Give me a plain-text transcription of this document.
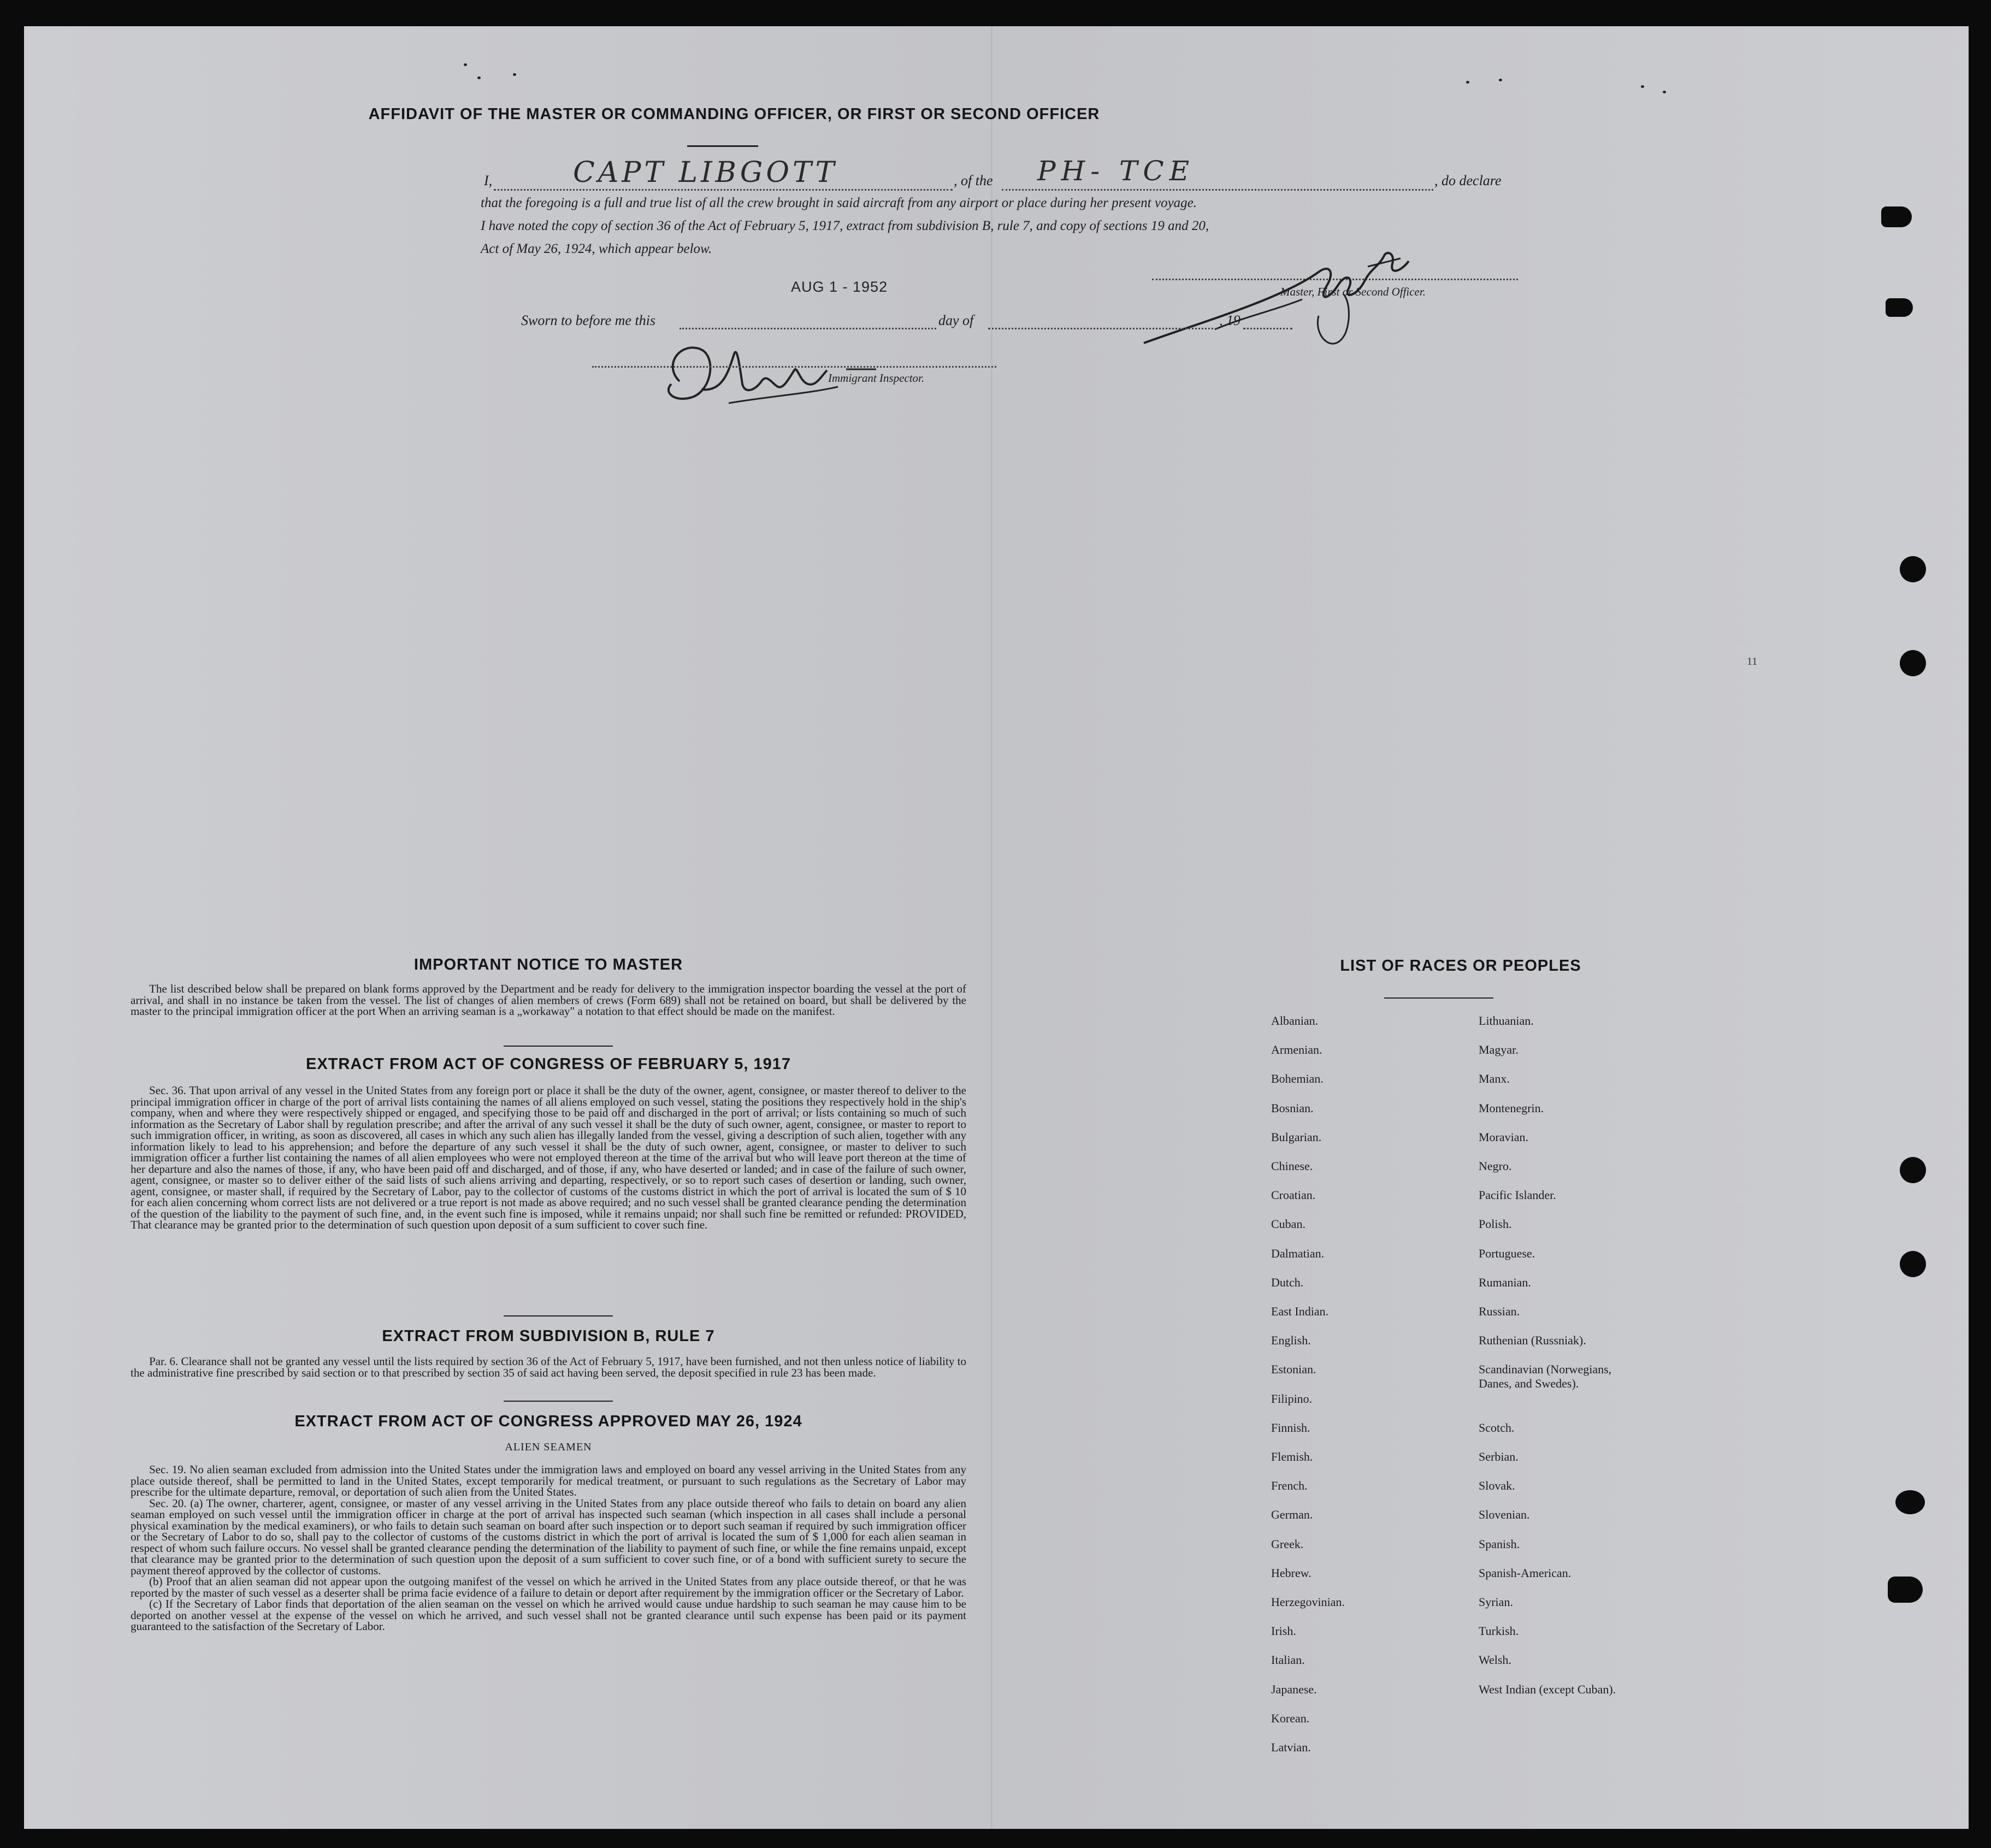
AFFIDAVIT OF THE MASTER OR COMMANDING OFFICER, OR FIRST OR SECOND OFFICER
I,	CAPT LIBGOTT	, of the PH- TCE	, do declare
that the foregoing is a full and true list of all the crew brought in said aircraft from any airport or place during her present voyage.
I have noted the copy of section 36 of the Act of February 5, 1917, extract from subdivision B, rule 7, and copy of sections 19 and 20,
Act of May 26, 1924, which appear below.
AUG 1 - 1952	Master, First or Second Officer.
Sworn to before me this	day of	, 19
Immigrant Inspector.
11
IMPORTANT NOTICE TO MASTER

The list described below shall be prepared on blank forms approved by the Department and be ready for delivery to the immigration inspector boarding the vessel at the port of arrival, and shall in no instance be taken from the vessel. The list of changes of alien members of crews (Form 689) shall not be retained on board, but shall be delivered by the master to the principal immigration officer at the port When an arriving seaman is a „workaway" a notation to that effect should be made on the manifest.

EXTRACT FROM ACT OF CONGRESS OF FEBRUARY 5, 1917

Sec. 36. That upon arrival of any vessel in the United States from any foreign port or place it shall be the duty of the owner, agent, consignee, or master thereof to deliver to the principal immigration officer in charge of the port of arrival lists containing the names of all aliens employed on such vessel, stating the positions they respectively hold in the ship's company, when and where they were respectively shipped or engaged, and specifying those to be paid off and discharged in the port of arrival; or lists containing so much of such information as the Secretary of Labor shall by regulation prescribe; and after the arrival of any such vessel it shall be the duty of such owner, agent, consignee, or master to report to such immigration officer, in writing, as soon as discovered, all cases in which any such alien has illegally landed from the vessel, giving a description of such alien, together with any information likely to lead to his apprehension; and before the departure of any such vessel it shall be the duty of such owner, agent, consignee, or master to deliver to such immigration officer a further list containing the names of all alien employees who were not employed thereon at the time of the arrival but who will leave port thereon at the time of her departure and also the names of those, if any, who have been paid off and discharged, and of those, if any, who have deserted or landed; and in case of the failure of such owner, agent, consignee, or master so to deliver either of the said lists of such aliens arriving and departing, respectively, or so to report such cases of desertion or landing, such owner, agent, consignee, or master shall, if required by the Secretary of Labor, pay to the collector of customs of the customs district in which the port of arrival is located the sum of $ 10 for each alien concerning whom correct lists are not delivered or a true report is not made as above required; and no such vessel shall be granted clearance pending the determination of the question of the liability to the payment of such fine, and, in the event such fine is imposed, while it remains unpaid; nor shall such fine be remitted or refunded: PROVIDED, That clearance may be granted prior to the determination of such question upon deposit of a sum sufficient to cover such fine.

EXTRACT FROM SUBDIVISION B, RULE 7

Par. 6. Clearance shall not be granted any vessel until the lists required by section 36 of the Act of February 5, 1917, have been furnished, and not then unless notice of liability to the administrative fine prescribed by said section or to that prescribed by section 35 of said act having been served, the deposit specified in rule 23 has been made.

EXTRACT FROM ACT OF CONGRESS APPROVED MAY 26, 1924
ALIEN SEAMEN

Sec. 19. No alien seaman excluded from admission into the United States under the immigration laws and employed on board any vessel arriving in the United States from any place outside thereof, shall be permitted to land in the United States, except temporarily for medical treatment, or pursuant to such regulations as the Secretary of Labor may prescribe for the ultimate departure, removal, or deportation of such alien from the United States.

Sec. 20. (a) The owner, charterer, agent, consignee, or master of any vessel arriving in the United States from any place outside thereof who fails to detain on board any alien seaman employed on such vessel until the immigration officer in charge at the port of arrival has inspected such seaman (which inspection in all cases shall include a personal physical examination by the medical examiners), or who fails to detain such seaman on board after such inspection or to deport such seaman if required by such immigration officer or the Secretary of Labor to do so, shall pay to the collector of customs of the customs district in which the port of arrival is located the sum of $ 1,000 for each alien seaman in respect of whom such failure occurs. No vessel shall be granted clearance pending the determination of the liability to payment of such fine, or while the fine remains unpaid, except that clearance may be granted prior to the determination of such question upon the deposit of a sum sufficient to cover such fine, or of a bond with sufficient surety to secure the payment thereof approved by the collector of customs.

(b) Proof that an alien seaman did not appear upon the outgoing manifest of the vessel on which he arrived in the United States from any place outside thereof, or that he was reported by the master of such vessel as a deserter shall be prima facie evidence of a failure to detain or deport after requirement by the immigration officer or the Secretary of Labor.

(c) If the Secretary of Labor finds that deportation of the alien seaman on the vessel on which he arrived would cause undue hardship to such seaman he may cause him to be deported on another vessel at the expense of the vessel on which he arrived, and such vessel shall not be granted clearance until such expense has been paid or its payment guaranteed to the satisfaction of the Secretary of Labor.

LIST OF RACES OR PEOPLES
Albanian.
Armenian.
Bohemian.
Bosnian.
Bulgarian.
Chinese.
Croatian.
Cuban.
Dalmatian.
Dutch.
East Indian.
English.
Estonian.
Filipino.
Finnish.
Flemish.
French.
German.
Greek.
Hebrew.
Herzegovinian.
Irish.
Italian.
Japanese.
Korean.
Latvian.
Lithuanian.
Magyar.
Manx.
Montenegrin.
Moravian.
Negro.
Pacific Islander.
Polish.
Portuguese.
Rumanian.
Russian.
Ruthenian (Russniak).
Scandinavian (Norwegians,
Danes, and Swedes).
Scotch.
Serbian.
Slovak.
Slovenian.
Spanish.
Spanish-American.
Syrian.
Turkish.
Welsh.
West Indian (except Cuban).
